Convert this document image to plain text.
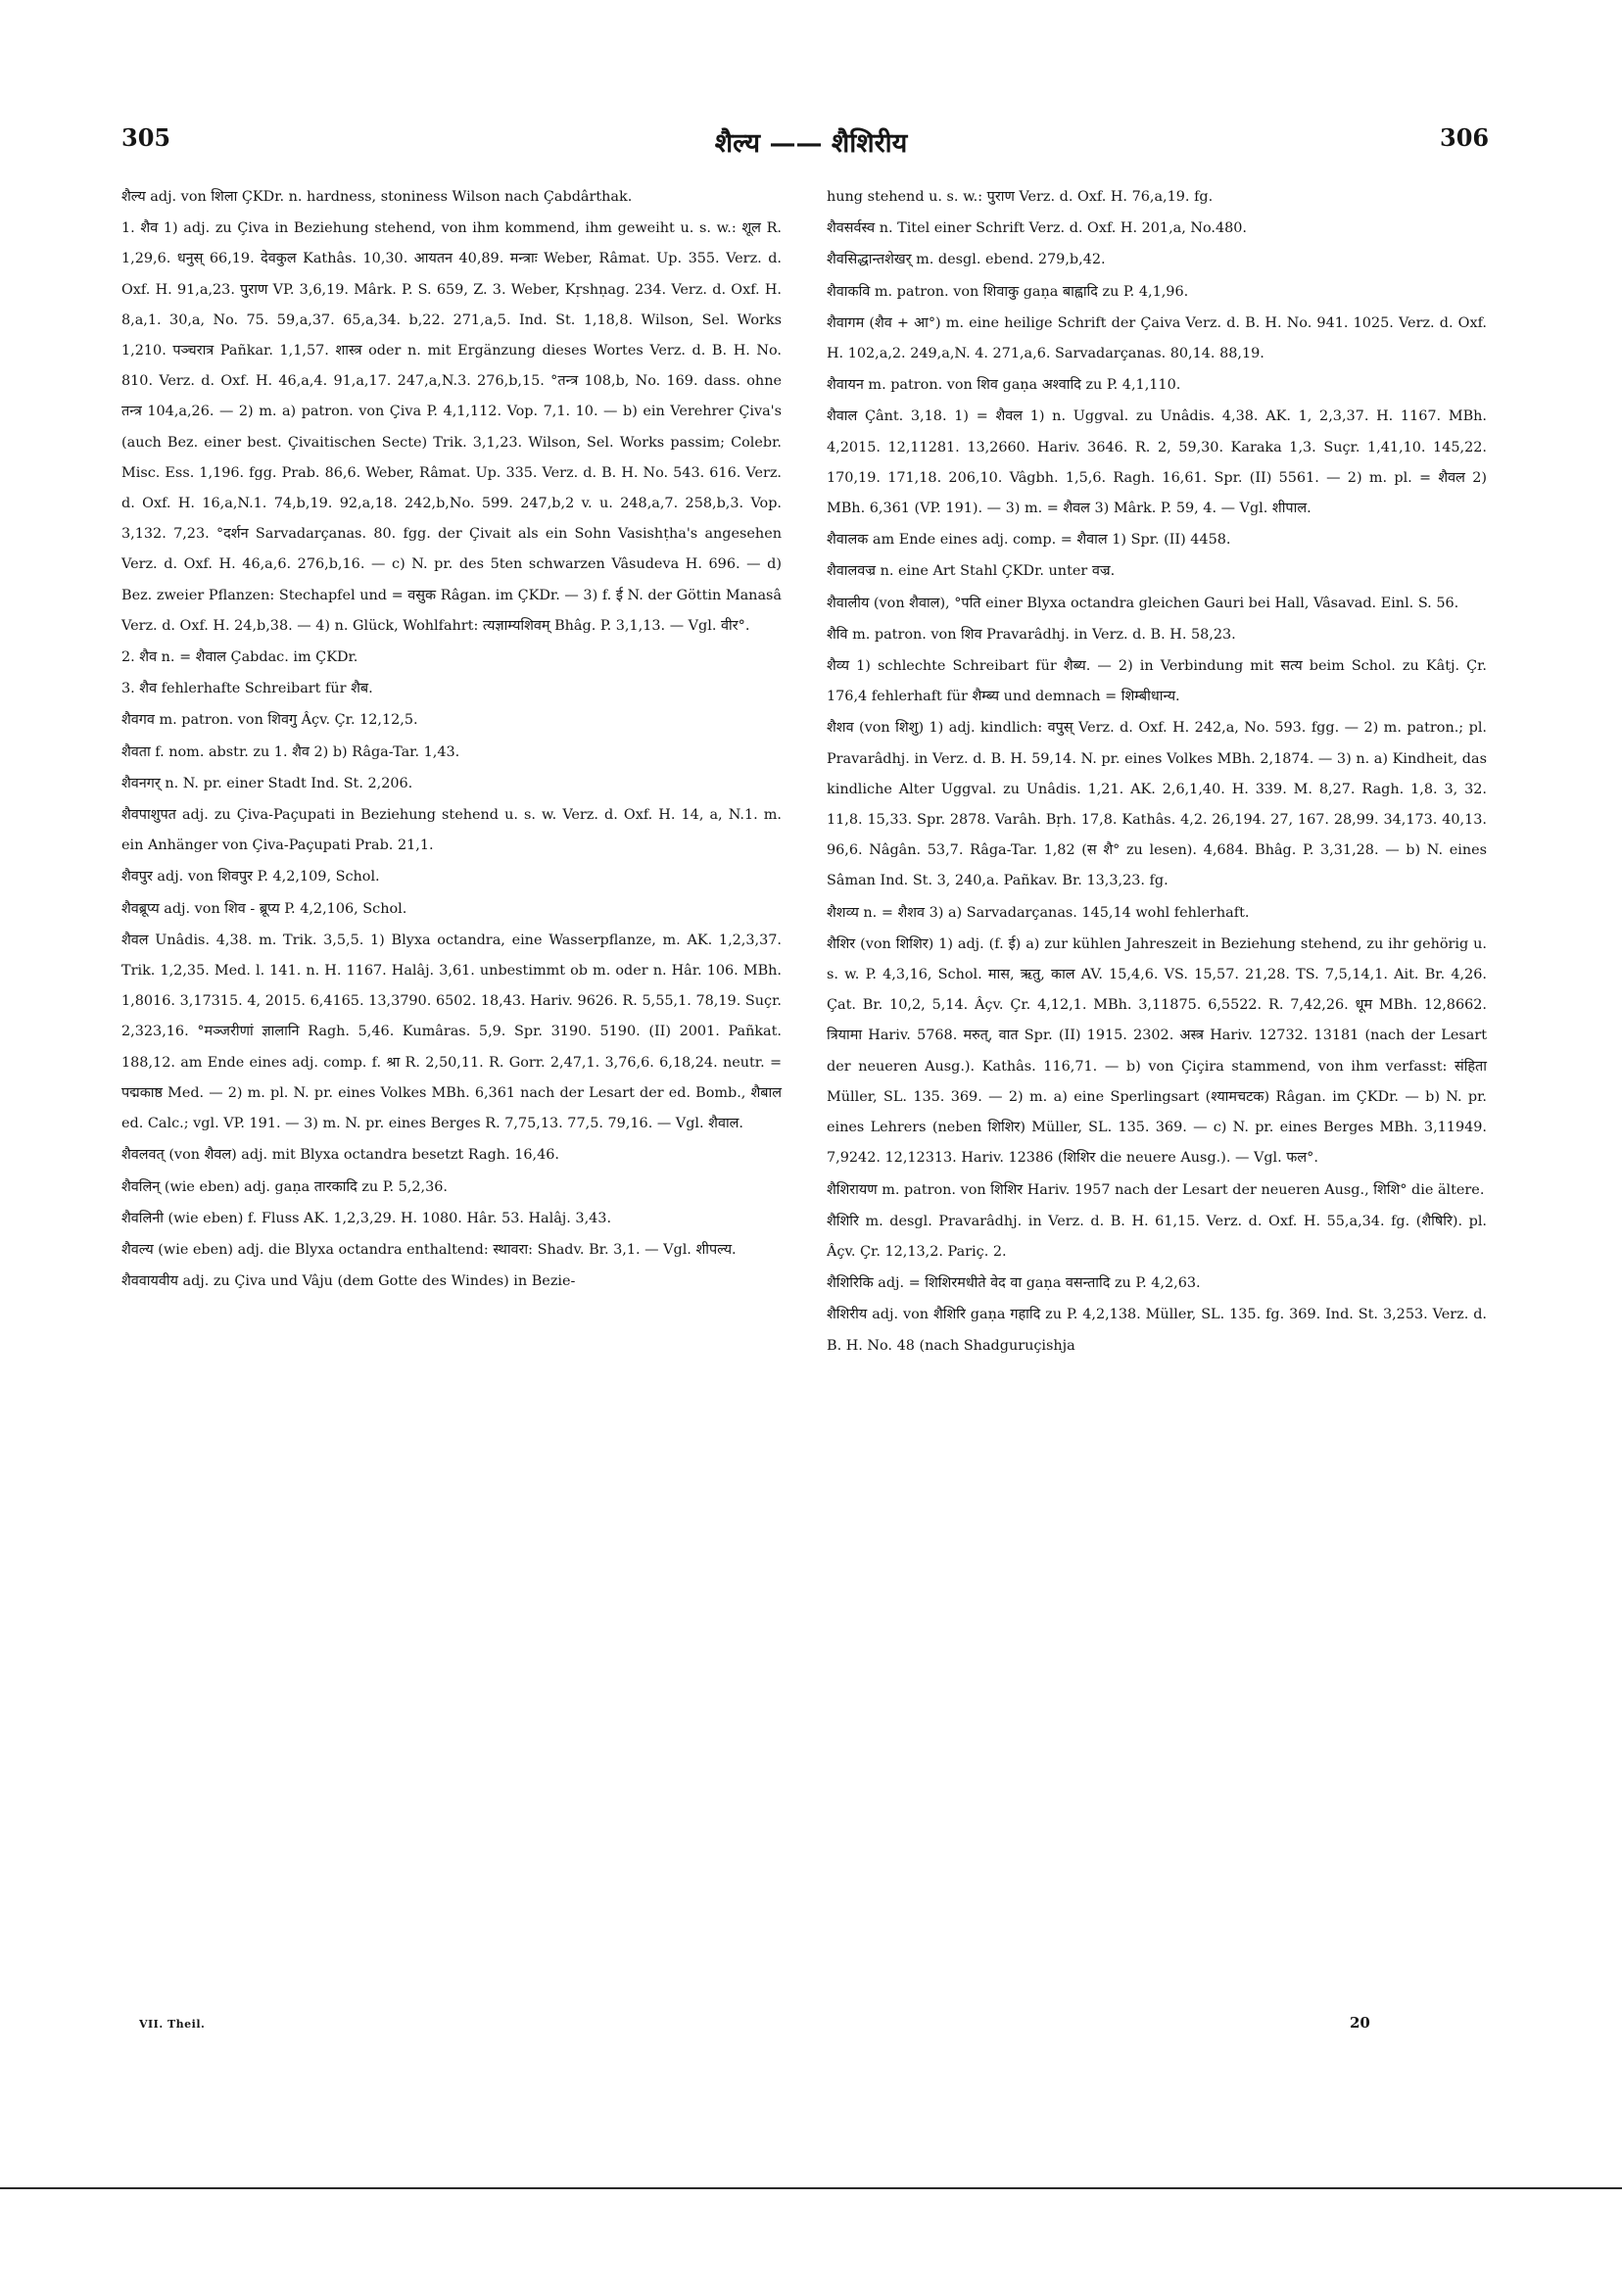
305	शैल्य —— शैशिरीय	306

शैल्य adj. von शिला ÇKDr. n. hardness, stoniness Wilson nach Çabdârthak.

1. शैव 1) adj. zu Çiva in Beziehung stehend, von ihm kommend, ihm geweiht u. s. w.: शूल R. 1,29,6. धनुस् 66,19. देवकुल Kathâs. 10,30. आयतन 40,89. मन्त्राः Weber, Râmat. Up. 355. Verz. d. Oxf. H. 91,a,23. पुराण VP. 3,6,19. Mârk. P. S. 659, Z. 3. Weber, Kṛshṇag. 234. Verz. d. Oxf. H. 8,a,1. 30,a, No. 75. 59,a,37. 65,a,34. b,22. 271,a,5. Ind. St. 1,18,8. Wilson, Sel. Works 1,210. पञ्चरात्र Pañkar. 1,1,57. शास्त्र oder n. mit Ergänzung dieses Wortes Verz. d. B. H. No. 810. Verz. d. Oxf. H. 46,a,4. 91,a,17. 247,a,N.3. 276,b,15. °तन्त्र 108,b, No. 169. dass. ohne तन्त्र 104,a,26. — 2) m. a) patron. von Çiva P. 4,1,112. Vop. 7,1. 10. — b) ein Verehrer Çiva's (auch Bez. einer best. Çivaitischen Secte) Trik. 3,1,23. Wilson, Sel. Works passim; Colebr. Misc. Ess. 1,196. fgg. Prab. 86,6. Weber, Râmat. Up. 335. Verz. d. B. H. No. 543. 616. Verz. d. Oxf. H. 16,a,N.1. 74,b,19. 92,a,18. 242,b,No. 599. 247,b,2 v. u. 248,a,7. 258,b,3. Vop. 3,132. 7,23. °दर्शन Sarvadarçanas. 80. fgg. der Çivait als ein Sohn Vasishṭha's angesehen Verz. d. Oxf. H. 46,a,6. 276,b,16. — c) N. pr. des 5ten schwarzen Vâsudeva H. 696. — d) Bez. zweier Pflanzen: Stechapfel und = वसुक Râgan. im ÇKDr. — 3) f. ई N. der Göttin Manasâ Verz. d. Oxf. H. 24,b,38. — 4) n. Glück, Wohlfahrt: त्यज्ञाम्यशिवम् Bhâg. P. 3,1,13. — Vgl. वीर°.

2. शैव n. = शैवाल Çabdac. im ÇKDr.

3. शैव fehlerhafte Schreibart für शैब.

शैवगव m. patron. von शिवगु Âçv. Çr. 12,12,5.

शैवता f. nom. abstr. zu 1. शैव 2) b) Râga-Tar. 1,43.

शैवनगर् n. N. pr. einer Stadt Ind. St. 2,206.

शैवपाशुपत adj. zu Çiva-Paçupati in Beziehung stehend u. s. w. Verz. d. Oxf. H. 14, a, N.1. m. ein Anhänger von Çiva-Paçupati Prab. 21,1.

शैवपुर adj. von शिवपुर P. 4,2,109, Schol.

शैवब्रूप्य adj. von शिव - ब्रूप्य P. 4,2,106, Schol.

शैवल Unâdis. 4,38. m. Trik. 3,5,5. 1) Blyxa octandra, eine Wasserpflanze, m. AK. 1,2,3,37. Trik. 1,2,35. Med. l. 141. n. H. 1167. Halâj. 3,61. unbestimmt ob m. oder n. Hâr. 106. MBh. 1,8016. 3,17315. 4, 2015. 6,4165. 13,3790. 6502. 18,43. Hariv. 9626. R. 5,55,1. 78,19. Suçr. 2,323,16. °मञ्जरीणां ज्ञालानि Ragh. 5,46. Kumâras. 5,9. Spr. 3190. 5190. (II) 2001. Pañkat. 188,12. am Ende eines adj. comp. f. श्रा R. 2,50,11. R. Gorr. 2,47,1. 3,76,6. 6,18,24. neutr. = पद्मकाष्ठ Med. — 2) m. pl. N. pr. eines Volkes MBh. 6,361 nach der Lesart der ed. Bomb., शैबाल ed. Calc.; vgl. VP. 191. — 3) m. N. pr. eines Berges R. 7,75,13. 77,5. 79,16. — Vgl. शैवाल.

शैवलवत् (von शैवल) adj. mit Blyxa octandra besetzt Ragh. 16,46.

शैवलिन् (wie eben) adj. gaṇa तारकादि zu P. 5,2,36.

शैवलिनी (wie eben) f. Fluss AK. 1,2,3,29. H. 1080. Hâr. 53. Halâj. 3,43.

शैवल्य (wie eben) adj. die Blyxa octandra enthaltend: स्थावरा: Shadv. Br. 3,1. — Vgl. शीपल्य.

शैववायवीय adj. zu Çiva und Vâju (dem Gotte des Windes) in Bezie-

hung stehend u. s. w.: पुराण Verz. d. Oxf. H. 76,a,19. fg.

शैवसर्वस्व n. Titel einer Schrift Verz. d. Oxf. H. 201,a, No.480.

शैवसिद्धान्तशेखर् m. desgl. ebend. 279,b,42.

शैवाकवि m. patron. von शिवाकु gaṇa बाह्वादि zu P. 4,1,96.

शैवागम (शैव + आ°) m. eine heilige Schrift der Çaiva Verz. d. B. H. No. 941. 1025. Verz. d. Oxf. H. 102,a,2. 249,a,N. 4. 271,a,6. Sarvadarçanas. 80,14. 88,19.

शैवायन m. patron. von शिव gaṇa अश्वादि zu P. 4,1,110.

शैवाल Çânt. 3,18. 1) = शैवल 1) n. Uggval. zu Unâdis. 4,38. AK. 1, 2,3,37. H. 1167. MBh. 4,2015. 12,11281. 13,2660. Hariv. 3646. R. 2, 59,30. Karaka 1,3. Suçr. 1,41,10. 145,22. 170,19. 171,18. 206,10. Vâgbh. 1,5,6. Ragh. 16,61. Spr. (II) 5561. — 2) m. pl. = शैवल 2) MBh. 6,361 (VP. 191). — 3) m. = शैवल 3) Mârk. P. 59, 4. — Vgl. शीपाल.

शैवालक am Ende eines adj. comp. = शैवाल 1) Spr. (II) 4458.

शैवालवज्र n. eine Art Stahl ÇKDr. unter वज्र.

शैवालीय (von शैवाल), °पति einer Blyxa octandra gleichen Gauri bei Hall, Vâsavad. Einl. S. 56.

शैवि m. patron. von शिव Pravarâdhj. in Verz. d. B. H. 58,23.

शैव्य 1) schlechte Schreibart für शैब्य. — 2) in Verbindung mit सत्य beim Schol. zu Kâtj. Çr. 176,4 fehlerhaft für शैम्ब्य und demnach = शिम्बीधान्य.

शैशव (von शिशु) 1) adj. kindlich: वपुस् Verz. d. Oxf. H. 242,a, No. 593. fgg. — 2) m. patron.; pl. Pravarâdhj. in Verz. d. B. H. 59,14. N. pr. eines Volkes MBh. 2,1874. — 3) n. a) Kindheit, das kindliche Alter Uggval. zu Unâdis. 1,21. AK. 2,6,1,40. H. 339. M. 8,27. Ragh. 1,8. 3, 32. 11,8. 15,33. Spr. 2878. Varâh. Bṛh. 17,8. Kathâs. 4,2. 26,194. 27, 167. 28,99. 34,173. 40,13. 96,6. Nâgân. 53,7. Râga-Tar. 1,82 (स शै° zu lesen). 4,684. Bhâg. P. 3,31,28. — b) N. eines Sâman Ind. St. 3, 240,a. Pañkav. Br. 13,3,23. fg.

शैशव्य n. = शैशव 3) a) Sarvadarçanas. 145,14 wohl fehlerhaft.

शैशिर (von शिशिर) 1) adj. (f. ई) a) zur kühlen Jahreszeit in Beziehung stehend, zu ihr gehörig u. s. w. P. 4,3,16, Schol. मास, ऋतु, काल AV. 15,4,6. VS. 15,57. 21,28. TS. 7,5,14,1. Ait. Br. 4,26. Çat. Br. 10,2, 5,14. Âçv. Çr. 4,12,1. MBh. 3,11875. 6,5522. R. 7,42,26. धूम MBh. 12,8662. त्रियामा Hariv. 5768. मरुत्, वात Spr. (II) 1915. 2302. अस्त्र Hariv. 12732. 13181 (nach der Lesart der neueren Ausg.). Kathâs. 116,71. — b) von Çiçira stammend, von ihm verfasst: संहिता Müller, SL. 135. 369. — 2) m. a) eine Sperlingsart (श्यामचटक) Râgan. im ÇKDr. — b) N. pr. eines Lehrers (neben शिशिर) Müller, SL. 135. 369. — c) N. pr. eines Berges MBh. 3,11949. 7,9242. 12,12313. Hariv. 12386 (शिशिर die neuere Ausg.). — Vgl. फल°.

शैशिरायण m. patron. von शिशिर Hariv. 1957 nach der Lesart der neueren Ausg., शिशि° die ältere.

शैशिरि m. desgl. Pravarâdhj. in Verz. d. B. H. 61,15. Verz. d. Oxf. H. 55,a,34. fg. (शैषिरि). pl. Âçv. Çr. 12,13,2. Pariç. 2.

शैशिरिकि adj. = शिशिरमधीते वेद वा gaṇa वसन्तादि zu P. 4,2,63.

शैशिरीय adj. von शैशिरि gaṇa गहादि zu P. 4,2,138. Müller, SL. 135. fg. 369. Ind. St. 3,253. Verz. d. B. H. No. 48 (nach Shadguruçishja

VII. Theil.	20
